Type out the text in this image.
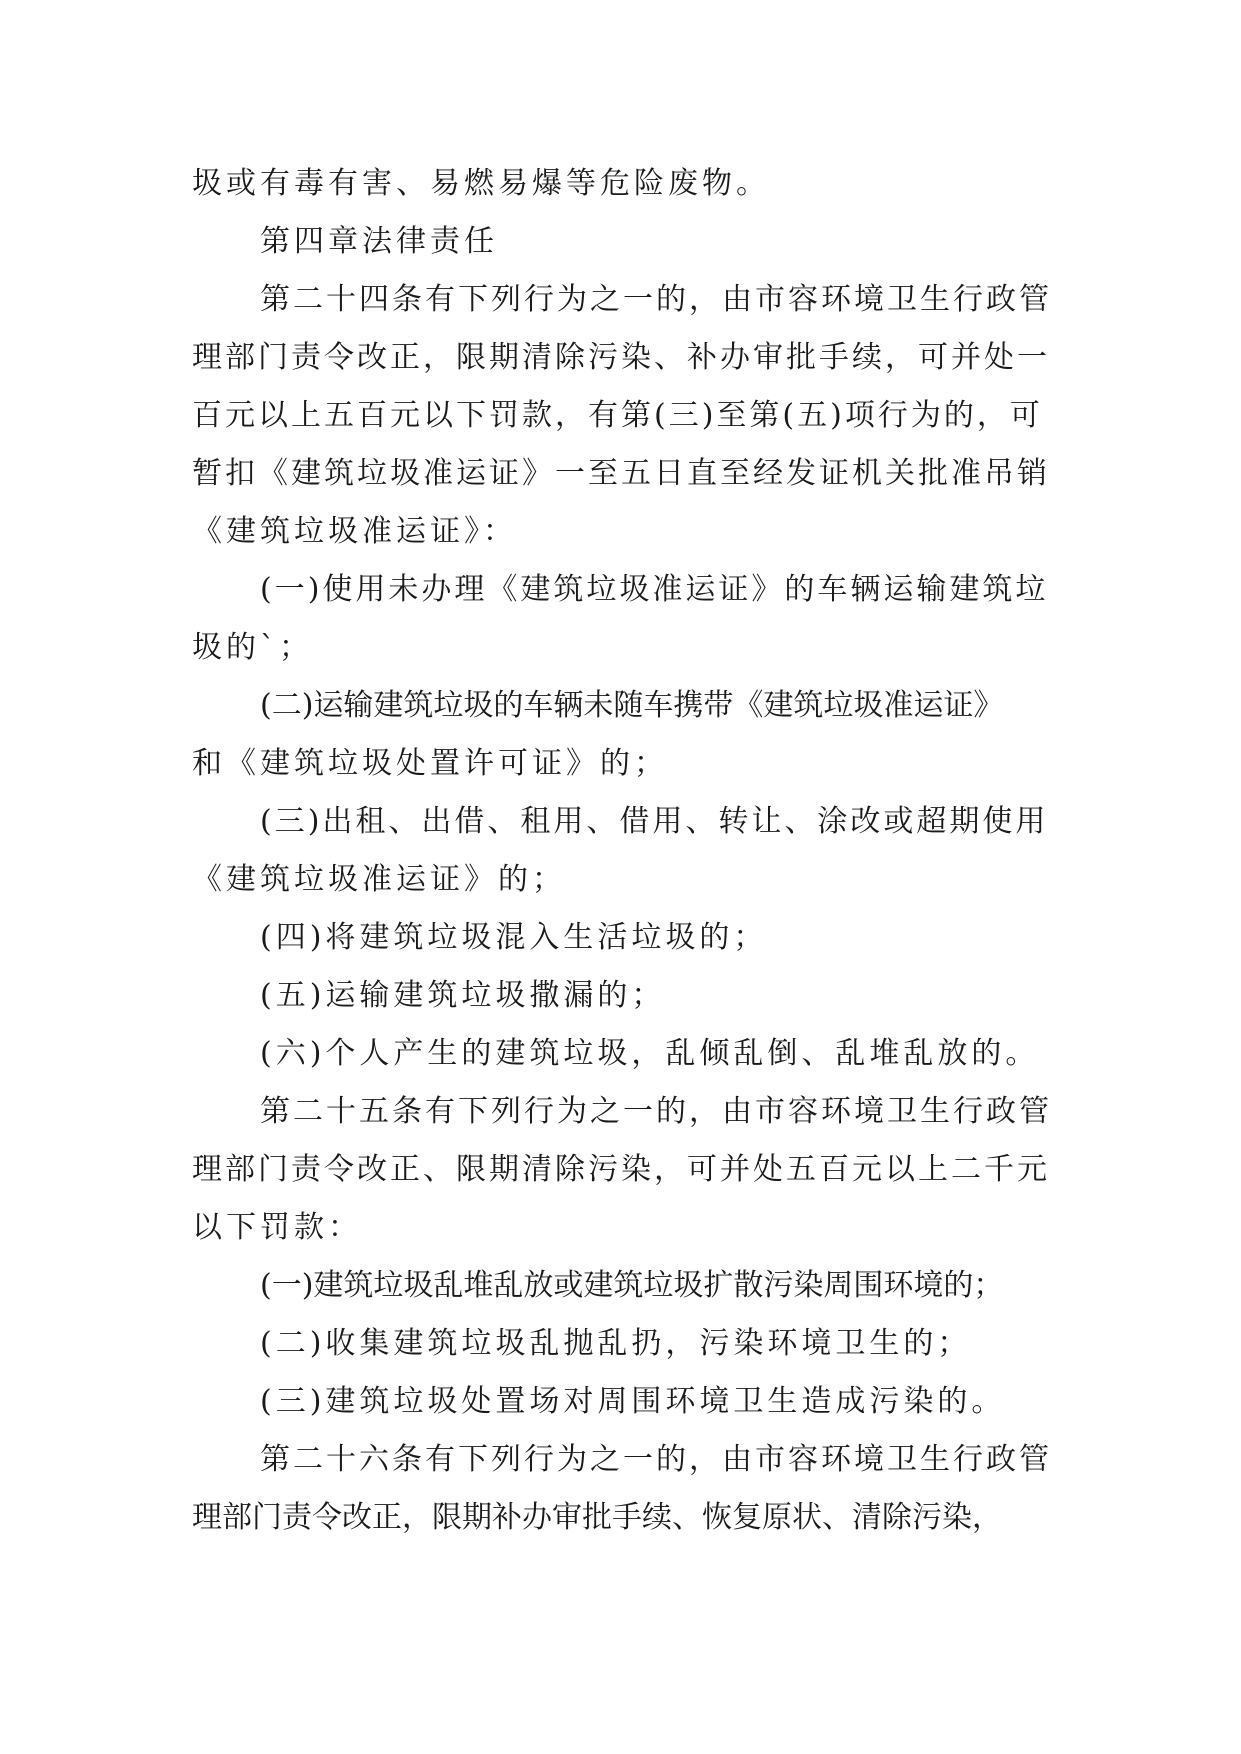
圾或有毒有害、易燃易爆等危险废物。
第四章法律责任
第二十四条有下列行为之一的，由市容环境卫生行政管
理部门责令改正，限期清除污染、补办审批手续，可并处一
百元以上五百元以下罚款，有第(三)至第(五)项行为的，可
暂扣《建筑垃圾准运证》一至五日直至经发证机关批准吊销
《建筑垃圾准运证》：
(一)使用未办理《建筑垃圾准运证》的车辆运输建筑垃
圾的`；
(二)运输建筑垃圾的车辆未随车携带《建筑垃圾准运证》
和《建筑垃圾处置许可证》的；
(三)出租、出借、租用、借用、转让、涂改或超期使用
《建筑垃圾准运证》的；
(四)将建筑垃圾混入生活垃圾的；
(五)运输建筑垃圾撒漏的；
(六)个人产生的建筑垃圾，乱倾乱倒、乱堆乱放的。
第二十五条有下列行为之一的，由市容环境卫生行政管
理部门责令改正、限期清除污染，可并处五百元以上二千元
以下罚款：
(一)建筑垃圾乱堆乱放或建筑垃圾扩散污染周围环境的；
(二)收集建筑垃圾乱抛乱扔，污染环境卫生的；
(三)建筑垃圾处置场对周围环境卫生造成污染的。
第二十六条有下列行为之一的，由市容环境卫生行政管
理部门责令改正，限期补办审批手续、恢复原状、清除污染，
